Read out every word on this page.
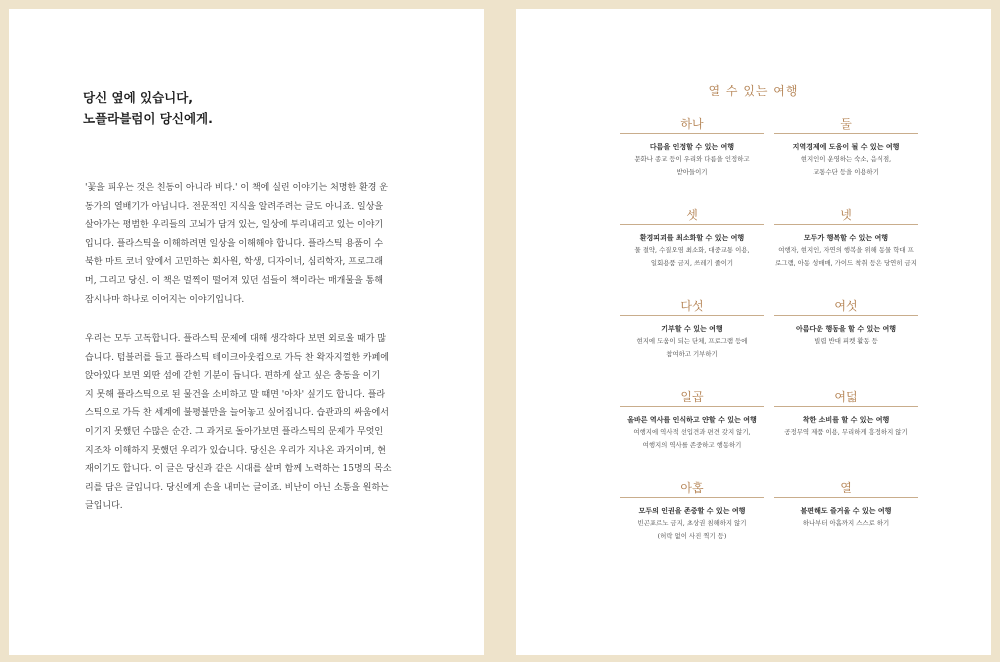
당신 옆에 있습니다,
노플라블럼이 당신에게.
'꽃을 피우는 것은 친동이 아니라 비다.' 이 책에 실린 이야기는 처명한 환경 운
동가의 열배기가 아닙니다. 전문적인 지식을 알려주려는 글도 아니죠. 일상을
살아가는 평범한 우리들의 고뇌가 담겨 있는, 일상에 투리내리고 있는 이야기
입니다. 플라스틱을 이해하려면 일상을 이해해야 합니다. 플라스틱 용품이 수
북한 마트 코너 앞에서 고민하는 회사원, 학생, 디자이너, 심리학자, 프로그래
머, 그리고 당신. 이 책은 멀찍이 떨어져 있던 섬들이 책이라는 매개물을 통해
잠시나마 하나로 이어지는 이야기입니다.
우리는 모두 고독합니다. 플라스틱 문제에 대해 생각하다 보면 외로울 때가 많
습니다. 텀블러를 들고 플라스틱 테이크아웃컵으로 가득 찬 왁자지껄한 카페에
앉아있다 보면 외딴 섬에 갇힌 기분이 듭니다. 편하게 살고 싶은 충동을 이기
지 못해 플라스틱으로 된 물건을 소비하고 말 때면 '아차' 싶기도 합니다. 플라
스틱으로 가득 찬 세계에 불평불만을 늘어놓고 싶어집니다. 습관과의 싸움에서
이기지 못했던 수많은 순간. 그 과거로 돌아가보면 플라스틱의 문제가 무엇인
지조차 이해하지 못했던 우리가 있습니다. 당신은 우리가 지나온 과거이며, 현
재이기도 합니다. 이 글은 당신과 같은 시대를 살며 함께 노력하는 15명의 목소
리를 담은 글입니다. 당신에게 손을 내미는 글이죠. 비난이 아닌 소통을 원하는
글입니다.
열 수 있는 여행
하나
다름을 인정할 수 있는 여행
문화나 종교 등이 우리와 다름을 인정하고
받아들이기
둘
지역경제에 도움이 될 수 있는 여행
현지인이 운영하는 숙소, 음식점,
교통수단 등을 이용하기
셋
환경피괴를 최소화할 수 있는 여행
물 절약, 수질오염 최소화, 대중교통 이용,
일회용품 금지, 쓰레기 줄이기
넷
모두가 행복할 수 있는 여행
여행자, 현지인, 자연의 행복을 위해 동물 학대 프
로그램, 아동 성매매, 가이드 착취 등은 당연히 금지
다섯
기부할 수 있는 여행
현지에 도움이 되는 단체, 프로그램 등에
참여하고 기부하기
여섯
아름다운 행동을 할 수 있는 여행
빌렵 반대 피켓 활동 등
일곱
올바른 역사를 인식하고 얀할 수 있는 여행
여행지에 역사적 선입견과 편견 갖지 않기,
여행지의 역사를 존중하고 행동하기
여덟
착한 소비를 할 수 있는 여행
공정무역 제품 이용, 무리하게 흥정하지 않기
아홉
모두의 인권을 존중할 수 있는 여행
빈곤포르노 금지, 초상권 침해하지 않기
(허락 없이 사진 찍기 등)
열
불편해도 즐거울 수 있는 여행
하나부터 아홉까지 스스로 하기
